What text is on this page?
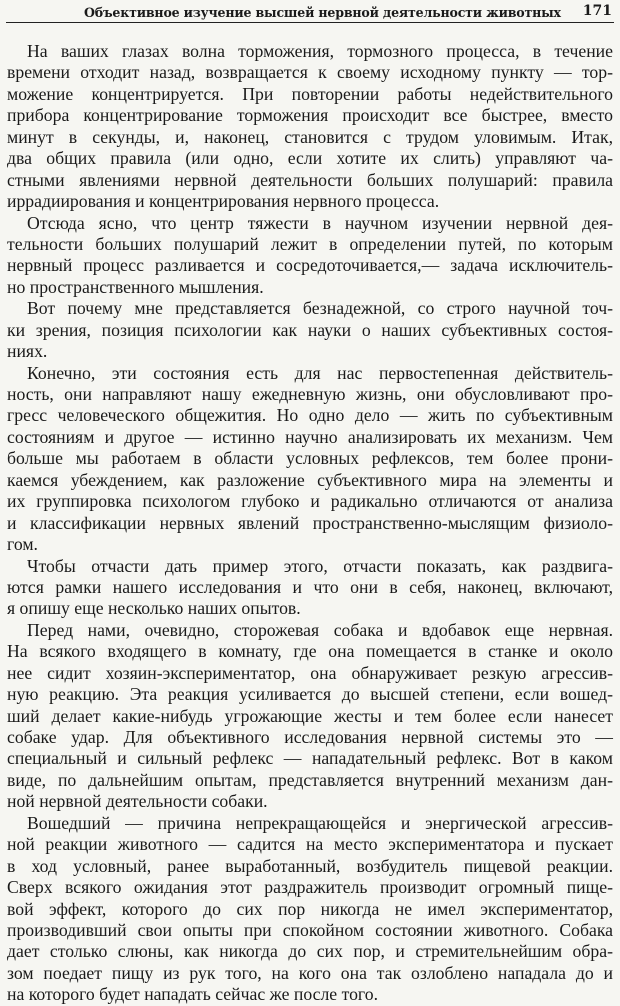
Объективное изучение высшей нервной деятельности животных 171
На ваших глазах волна торможения, тормозного процесса, в течение
времени отходит назад, возвращается к своему исходному пункту — тор-
можение концентрируется. При повторении работы недействительного
прибора концентрирование торможения происходит все быстрее, вместо
минут в секунды, и, наконец, становится с трудом уловимым. Итак,
два общих правила (или одно, если хотите их слить) управляют ча-
стными явлениями нервной деятельности больших полушарий: правила
иррадиирования и концентрирования нервного процесса.
Отсюда ясно, что центр тяжести в научном изучении нервной дея-
тельности больших полушарий лежит в определении путей, по которым
нервный процесс разливается и сосредоточивается,— задача исключитель-
но пространственного мышления.
Вот почему мне представляется безнадежной, со строго научной точ-
ки зрения, позиция психологии как науки о наших субъективных состоя-
ниях.
Конечно, эти состояния есть для нас первостепенная действитель-
ность, они направляют нашу ежедневную жизнь, они обусловливают про-
гресс человеческого общежития. Но одно дело — жить по субъективным
состояниям и другое — истинно научно анализировать их механизм. Чем
больше мы работаем в области условных рефлексов, тем более прони-
каемся убеждением, как разложение субъективного мира на элементы и
их группировка психологом глубоко и радикально отличаются от анализа
и классификации нервных явлений пространственно-мыслящим физиоло-
гом.
Чтобы отчасти дать пример этого, отчасти показать, как раздвига-
ются рамки нашего исследования и что они в себя, наконец, включают,
я опишу еще несколько наших опытов.
Перед нами, очевидно, сторожевая собака и вдобавок еще нервная.
На всякого входящего в комнату, где она помещается в станке и около
нее сидит хозяин-экспериментатор, она обнаруживает резкую агрессив-
ную реакцию. Эта реакция усиливается до высшей степени, если вошед-
ший делает какие-нибудь угрожающие жесты и тем более если нанесет
собаке удар. Для объективного исследования нервной системы это —
специальный и сильный рефлекс — нападательный рефлекс. Вот в каком
виде, по дальнейшим опытам, представляется внутренний механизм дан-
ной нервной деятельности собаки.
Вошедший — причина непрекращающейся и энергической агрессив-
ной реакции животного — садится на место экспериментатора и пускает
в ход условный, ранее выработанный, возбудитель пищевой реакции.
Сверх всякого ожидания этот раздражитель производит огромный пище-
вой эффект, которого до сих пор никогда не имел экспериментатор,
производивший свои опыты при спокойном состоянии животного. Собака
дает столько слюны, как никогда до сих пор, и стремительнейшим обра-
зом поедает пищу из рук того, на кого она так озлоблено нападала до и
на которого будет нападать сейчас же после того.
